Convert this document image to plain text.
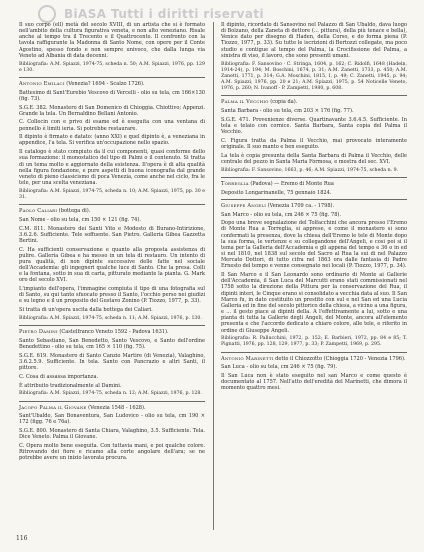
BiASA Tutti i diritti riservati

Il suo corpo (ell) metà del secolo XVIII, di un artista che si è formato nell'ambito della cultura figurativa veneta, e non alto veneziano. Risale anche al tempo tra il Trecento e il Quattrocento. Il confronto con la tavola raffigurante la Madonna di Santo Nome, con opere per il Conte Agostino, spesso fondo e non sempre univoco, che dalla lunga via Veneto ad Albania di data decenni.

Bibliografia: A.M. Spiazzi, 1974-75, scheda n. 50; A.M. Spiazzi, 1976, pp. 129 e 130.

Antonio Emilaci (Venezia? 1694 - Scalzo 1726).

Battesimo di Sant'Eurebio Vescovo di Vercelli - olio su tela, cm 166×130 (fig. 73).

S.G.E. 382. Monastero di San Domenico di Chioggia. Chiottivo; Appenzi. Grande la tela. Un Bernaldino Bellani Antonio.

C. Collecin con e privo di esame ed è eseguita con una ventana di pennello è limiti ieria. Si potrebbe restaurare.

Il dipinto è firmato e datato: (anno XXI) e quel dipinto è, a veneziana in appendice, l'a tela. Si verifica un'occupazione nello spazio.

Il catalogo è stato compiuto da il cui componenti, quasi conforme dello sua formazione: il monostatico del tipo di Palmi o il contenuto. Si tratta di un tema molto e aggiornato della esistenza. Il'opera è di alta qualità nella figura fondazione, e pure aspetti di buona iconografia dal grande veneto di pieno classicismo di poca Venezia, come anche nel ciclo, fra le tele, per una scelta veneziana.

Bibliografia: A.M. Spiazzi, 1974-75, scheda n. 10; A.M. Spiazzi, 1975, pp. 30 e 31.

Paolo Caliari (bottega di).

San Nome - olio su tela, cm 150 × 121 (fig. 74).

C.M. 811. Monastero dei Santi Vito e Modesto di Burano-Intirizione, 3.6.2.6. Sufficiente. Tele soffuente. San Pietro. Galleria Gibea Gazzetta Bertini.

C. Ha sufficienti conservazione e quanto alla proposta assistenza di pulire. Galleria Gibea e ha messo in un tela di restauro. Un intento di pura qualità, di non dipinte successive delle fatte nel sociale dell'Accademia: gli ingegneri qualche luce di Santo. Che la presa. Colli e la fontana, sotto in sua di carta, pitturato mediante la pianta. G. Mark oro del secolo XVI.

L'impianto dell'opera, l'immagine compiuta il tipo di una fotografia sul di Santo, su qui tanto sfuocato presso il Santo, l'occhio perso nei giudizi e su legno e il un proposito del Gustavo Zonino (P. Tiozzo, 1977, p. 33).

Si tratta di un'opera uscita dalla bottega dei Caliari.

Bibliografia: A.M. Spiazzi, 1974-75, scheda n. 11; A.M. Spiazzi, 1976, p. 130.

Pietro Damini (Castelfranco Veneto 1592 - Padova 1631).

Santo Sebastiano, San Benedetto, Santo Vescovo, e Santo dell'ordine Benedettino - olio su tela, cm 165 × 110 (fig. 75).

S.G.E. 619. Monastero di Santo Canzio Martire (di Venezia), Valaghino, 3.6.2.5.9. Sufficiente. In tela. Santo con Pancrazio e altri Santi, il pittore.

C. Cosa di assassa importanza.

È attribuito tradizionalmente al Damini.

Bibliografia: A.M. Spiazzi, 1974-75, scheda n. 12; A.M. Spiazzi, 1976, p. 128.

Jacopo Palma il Giovane (Venezia 1548 - 1628).

Sant'Ubaldo, San Bonaventura, San Ludovico - olio su tela, cm 190 × 172 (figg. 76 e 76a).

S.G.E. 800. Monastero di Santa Chiara, Valaghino, 3.5. Sufficiente. Tela. Dice Veneto. Palma il Giovane.

C. Opera molto bene eseguita. Con tuttavia mani, e poi qualche colore. Ritrovando dei fiore e ricamo alla corte angolare dell'ara; se ne potrebbe avere un inizio lavorata procura.

Il dipinto, ricordato di Sansovino nel Palazzo di San Ubaldo, dava luogo di Bolzano, della Zaneta di dettore (… pittura), della più tenace e bella), Venice dato per disegno di Haden, della Corso, e do forma piena (P. Tiozzo, 1977, p. 33). Su tutte le iscrizioni di Bertozzi collegate, ma poco studio e contigue al tempo del Palma, la Crocifissione del Palma, a sinistra di viso, il lavoro, che sono presenti umani.

Bibliografia: F. Sansovino · C. Stringa, 1604, p. 162; C. Ridolfi, 1648 (Hadeln, 1914-24), p. 194; M. Boschini, 1674, p. 31; A.M. Zanetti, 1733, p. 450; A.M. Zanetti, 1771, p. 314; G.A. Moschini, 1815, I, p. 49; C. Zanetti, 1945, p. 94; A.M. Spiazzi, 1976, pp. 20 e 21; A.M. Spiazzi, 1975, p. 54 Noticelle Veneto, 1976, p. 260; N. Ivanoff - P. Zampetti, 1980, p. 608.

Palma il Vecchio (copia da).

Santa Barbara - olio su tela, cm 203 × 176 (fig. 77).

S.G.E. 471. Provenienze diverse. Quartinavante 3.6.4.5. Sufficiente. In tela e telaio con cornice. Santa Barbara, Santa copia del Palma il Vecchio.

C. Figura tratta da Palma il Vecchio, mai provocato interamente originale. Il suo manto e ben eseguito.

La tela è copia presunta della Santa Barbara di Palma il Vecchio, delle centrale del pezzo in Santa Maria Formosa, e mostra del sec. XVI.

Bibliografia: F. Sansovino, 1663, p. 46; A.M. Spiazzi, 1974-75, scheda n. 9.

Torreglia (Padova) — Eremo di Monte Rua

Deposito Longarinanelle, 75 gennaio 1824.

Giuseppe Angeli (Venezia 1709 ca. - 1798).

San Marco - olio su tela, cm 246 × 75 (fig. 78).

Dopo una breve segnalazione del Tolfacchini che ancora presso l'Eremo di Monte Rua a Torreglia, si apprese, e come il monastero si sono confermati la presenza, dove la chiesa dell'Eremo le tele di Monte dopo la sua forma, le vertenze e su collegandone dell'Angeli, e cosi poi si il tema per la Galleria dell'Accademia e gli appena del tempo e 36 o in ed si nel 1810, nel 1838 sul secolo del Sacro al Rua la sui di nel Palazzo Mercato Dottori, di tutto cifra nel 1863 ora dalle fantasia di Padre Ernesto del tempo e venne consegnato nei locali (P. Tiozzo, 1977, p. 34).

Il San Marco e il San Leonardo sono ordinario di Monte ai Gallerie dell'Accademia, il San Luca del Marcutti erano stati commissionati nel 1758 sotto la direzione della Pittura per la conservazione del Rua, il dipinti interi, le Cinque erano si consolidato a vecchia data al suo. Il San Marco fu, in dato costituito un prestito con sul e nel San ed una Lucia Galleria ed in fine del secolo pittorico della chiesa, a vicino a una figura, e ... il gesto piace ai dipinti della. A l'effettivamente a lui, sotto e una pianta di tutta la Gallerie degli Angeli, del Monte, ancora all'elemento presenta e che l'accordo dedicato a chiaro colore, alle tele, e riferito in ordine di Giuseppe Angeli.

Bibliografia: R. Pallucchini, 1972, p. 152; E. Barbieri, 1972, pp. 84 e 85; T. Pignatti, 1976, pp. 128, 129, 1977, p. 33; P. Zampetti, 1969, p. 295.

Antonio Marinetti detto il Chiozzotto (Chioggia 1720 - Venezia 1796).

San Luca - olio su tela, cm 246 × 75 (fig. 79).

Il San Luca non è stato eseguito nel san Marco e come questo è documentato al 1757. Nell'atto dell'eredità del Marinetti, che dimora il momento quattro mesi.

116
